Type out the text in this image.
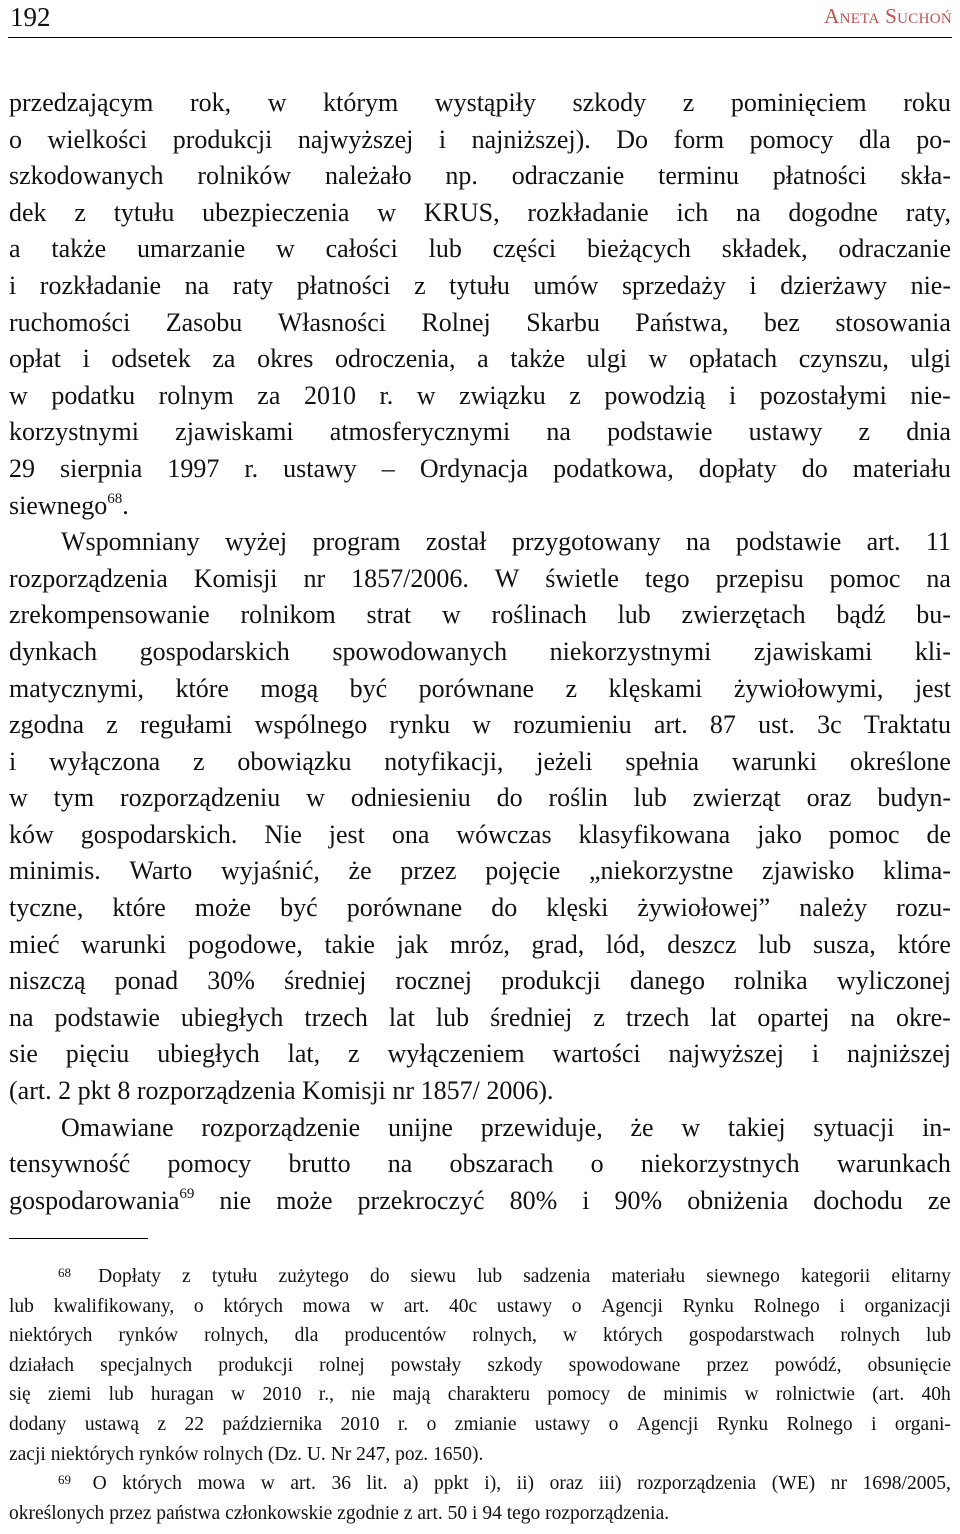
192	Aneta Suchoń
przedzającym rok, w którym wystąpiły szkody z pominięciem roku
o wielkości produkcji najwyższej i najniższej). Do form pomocy dla po-
szkodowanych rolników należało np. odraczanie terminu płatności skła-
dek z tytułu ubezpieczenia w KRUS, rozkładanie ich na dogodne raty,
a także umarzanie w całości lub części bieżących składek, odraczanie
i rozkładanie na raty płatności z tytułu umów sprzedaży i dzierżawy nie-
ruchomości Zasobu Własności Rolnej Skarbu Państwa, bez stosowania
opłat i odsetek za okres odroczenia, a także ulgi w opłatach czynszu, ulgi
w podatku rolnym za 2010 r. w związku z powodzią i pozostałymi nie-
korzystnymi zjawiskami atmosferycznymi na podstawie ustawy z dnia
29 sierpnia 1997 r. ustawy – Ordynacja podatkowa, dopłaty do materiału
siewnego$^{68}$.
Wspomniany wyżej program został przygotowany na podstawie art. 11
rozporządzenia Komisji nr 1857/2006. W świetle tego przepisu pomoc na
zrekompensowanie rolnikom strat w roślinach lub zwierzętach bądź bu-
dynkach gospodarskich spowodowanych niekorzystnymi zjawiskami kli-
matycznymi, które mogą być porównane z klęskami żywiołowymi, jest
zgodna z regułami wspólnego rynku w rozumieniu art. 87 ust. 3c Traktatu
i wyłączona z obowiązku notyfikacji, jeżeli spełnia warunki określone
w tym rozporządzeniu w odniesieniu do roślin lub zwierząt oraz budyn-
ków gospodarskich. Nie jest ona wówczas klasyfikowana jako pomoc de
minimis. Warto wyjaśnić, że przez pojęcie „niekorzystne zjawisko klima-
tyczne, które może być porównane do klęski żywiołowej” należy rozu-
mieć warunki pogodowe, takie jak mróz, grad, lód, deszcz lub susza, które
niszczą ponad 30% średniej rocznej produkcji danego rolnika wyliczonej
na podstawie ubiegłych trzech lat lub średniej z trzech lat opartej na okre-
sie pięciu ubiegłych lat, z wyłączeniem wartości najwyższej i najniższej
(art. 2 pkt 8 rozporządzenia Komisji nr 1857/ 2006).
Omawiane rozporządzenie unijne przewiduje, że w takiej sytuacji in-
tensywność pomocy brutto na obszarach o niekorzystnych warunkach
gospodarowania$^{69}$ nie może przekroczyć 80% i 90% obniżenia dochodu ze
$^{68}$ Dopłaty z tytułu zużytego do siewu lub sadzenia materiału siewnego kategorii elitarny
lub kwalifikowany, o których mowa w art. 40c ustawy o Agencji Rynku Rolnego i organizacji
niektórych rynków rolnych, dla producentów rolnych, w których gospodarstwach rolnych lub
działach specjalnych produkcji rolnej powstały szkody spowodowane przez powódź, obsunięcie
się ziemi lub huragan w 2010 r., nie mają charakteru pomocy de minimis w rolnictwie (art. 40h
dodany ustawą z 22 października 2010 r. o zmianie ustawy o Agencji Rynku Rolnego i organi-
zacji niektórych rynków rolnych (Dz. U. Nr 247, poz. 1650).
$^{69}$ O których mowa w art. 36 lit. a) ppkt i), ii) oraz iii) rozporządzenia (WE) nr 1698/2005,
określonych przez państwa członkowskie zgodnie z art. 50 i 94 tego rozporządzenia.
